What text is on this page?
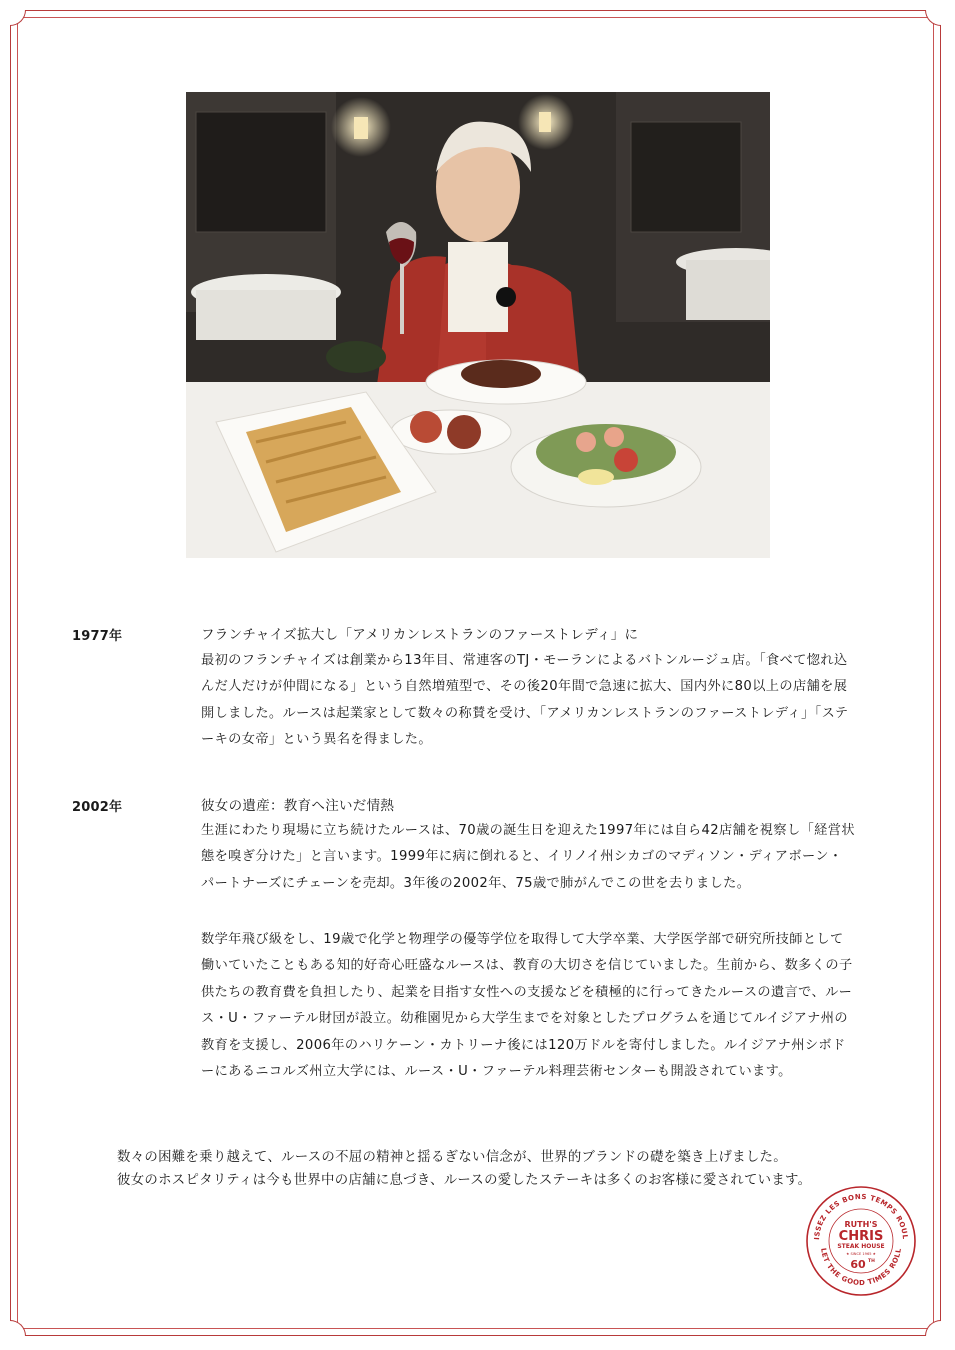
1977年	フランチャイズ拡大し「アメリカンレストランのファーストレディ」に
最初のフランチャイズは創業から13年目、常連客のTJ・モーランによるバトンルージュ店。「食べて惚れ込んだ人だけが仲間になる」という自然増殖型で、その後20年間で急速に拡大、国内外に80以上の店舗を展開しました。ルースは起業家として数々の称賛を受け、「アメリカンレストランのファーストレディ」「ステーキの女帝」という異名を得ました。
2002年	彼女の遺産：教育へ注いだ情熱
生涯にわたり現場に立ち続けたルースは、70歳の誕生日を迎えた1997年には自ら42店舗を視察し「経営状態を嗅ぎ分けた」と言います。1999年に病に倒れると、イリノイ州シカゴのマディソン・ディアボーン・パートナーズにチェーンを売却。3年後の2002年、75歳で肺がんでこの世を去りました。
数学年飛び級をし、19歳で化学と物理学の優等学位を取得して大学卒業、大学医学部で研究所技師として働いていたこともある知的好奇心旺盛なルースは、教育の大切さを信じていました。生前から、数多くの子供たちの教育費を負担したり、起業を目指す女性への支援などを積極的に行ってきたルースの遺言で、ルース・U・ファーテル財団が設立。幼稚園児から大学生までを対象としたプログラムを通じてルイジアナ州の教育を支援し、2006年のハリケーン・カトリーナ後には120万ドルを寄付しました。ルイジアナ州シボドーにあるニコルズ州立大学には、ルース・U・ファーテル料理芸術センターも開設されています。
数々の困難を乗り越えて、ルースの不屈の精神と揺るぎない信念が、世界的ブランドの礎を築き上げました。
彼女のホスピタリティは今も世界中の店舗に息づき、ルースの愛したステーキは多くのお客様に愛されています。
ISSEZ LES BONS TEMPS ROUL
LET THE GOOD TIMES ROLL
RUTH'S
CHRIS
STEAK HOUSE
★ SINCE 1965 ★
60 TH
